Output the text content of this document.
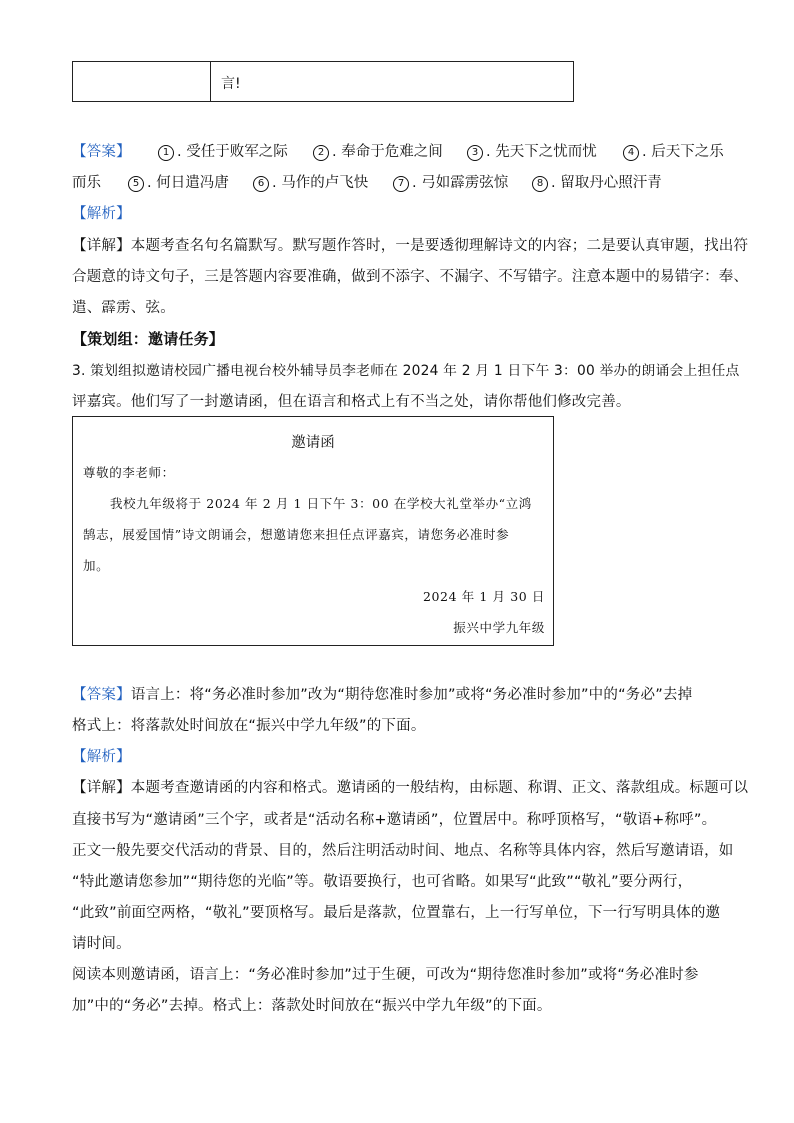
言!
【答案】	1 . 受任于败军之际	2 . 奉命于危难之间	3 . 先天下之忧而忧	4 . 后天下之乐
而乐	5 . 何日遣冯唐	6 . 马作的卢飞快	7 . 弓如霹雳弦惊	8 . 留取丹心照汗青
【解析】
【详解】本题考查名句名篇默写。默写题作答时，一是要透彻理解诗文的内容；二是要认真审题，找出符
合题意的诗文句子，三是答题内容要准确，做到不添字、不漏字、不写错字。注意本题中的易错字：奉、
遣、霹雳、弦。
【策划组：邀请任务】
3. 策划组拟邀请校园广播电视台校外辅导员李老师在 2024 年 2 月 1 日下午 3：00 举办的朗诵会上担任点
评嘉宾。他们写了一封邀请函，但在语言和格式上有不当之处，请你帮他们修改完善。
邀请函
尊敬的李老师：
我校九年级将于 2024 年 2 月 1 日下午 3：00 在学校大礼堂举办“立鸿
鹄志，展爱国情”诗文朗诵会，想邀请您来担任点评嘉宾，请您务必准时参
加。
2024 年 1 月 30 日
振兴中学九年级
【答案】语言上：将“务必准时参加”改为“期待您准时参加”或将“务必准时参加”中的“务必”去掉
格式上：将落款处时间放在“振兴中学九年级”的下面。
【解析】
【详解】本题考查邀请函的内容和格式。邀请函的一般结构，由标题、称谓、正文、落款组成。标题可以
直接书写为“邀请函”三个字，或者是“活动名称+邀请函”，位置居中。称呼顶格写，“敬语+称呼”。
正文一般先要交代活动的背景、目的，然后注明活动时间、地点、名称等具体内容，然后写邀请语，如
“特此邀请您参加”“期待您的光临”等。敬语要换行，也可省略。如果写“此致”“敬礼”要分两行，
“此致”前面空两格，“敬礼”要顶格写。最后是落款，位置靠右，上一行写单位，下一行写明具体的邀
请时间。
阅读本则邀请函，语言上：“务必准时参加”过于生硬，可改为“期待您准时参加”或将“务必准时参
加”中的“务必”去掉。格式上：落款处时间放在“振兴中学九年级”的下面。
